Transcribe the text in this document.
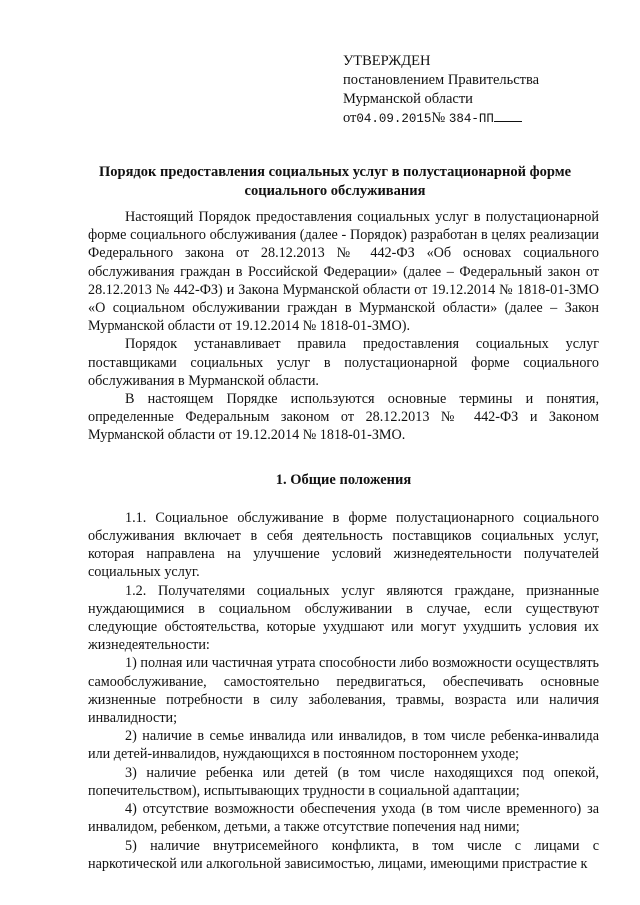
УТВЕРЖДЕН
постановлением Правительства
Мурманской области
от04.09.2015№ 384-ПП
Порядок предоставления социальных услуг в полустационарной форме
социального обслуживания

Настоящий Порядок предоставления социальных услуг в полустационарной форме социального обслуживания (далее - Порядок) разработан в целях реализации Федерального закона от 28.12.2013 № 442-ФЗ «Об основах социального обслуживания граждан в Российской Федерации» (далее – Федеральный закон от 28.12.2013 № 442-ФЗ) и Закона Мурманской области от 19.12.2014 № 1818-01-ЗМО «О социальном обслуживании граждан в Мурманской области» (далее – Закон Мурманской области от 19.12.2014 № 1818-01-ЗМО).

Порядок устанавливает правила предоставления социальных услуг поставщиками социальных услуг в полустационарной форме социального обслуживания в Мурманской области.

В настоящем Порядке используются основные термины и понятия, определенные Федеральным законом от 28.12.2013 № 442-ФЗ и Законом Мурманской области от 19.12.2014 № 1818-01-ЗМО.

1. Общие положения

1.1. Социальное обслуживание в форме полустационарного социального обслуживания включает в себя деятельность поставщиков социальных услуг, которая направлена на улучшение условий жизнедеятельности получателей социальных услуг.

1.2. Получателями социальных услуг являются граждане, признанные нуждающимися в социальном обслуживании в случае, если существуют следующие обстоятельства, которые ухудшают или могут ухудшить условия их жизнедеятельности:

1) полная или частичная утрата способности либо возможности осуществлять самообслуживание, самостоятельно передвигаться, обеспечивать основные жизненные потребности в силу заболевания, травмы, возраста или наличия инвалидности;

2) наличие в семье инвалида или инвалидов, в том числе ребенка-инвалида или детей-инвалидов, нуждающихся в постоянном постороннем уходе;

3) наличие ребенка или детей (в том числе находящихся под опекой, попечительством), испытывающих трудности в социальной адаптации;

4) отсутствие возможности обеспечения ухода (в том числе временного) за инвалидом, ребенком, детьми, а также отсутствие попечения над ними;

5) наличие внутрисемейного конфликта, в том числе с лицами с наркотической или алкогольной зависимостью, лицами, имеющими пристрастие к
